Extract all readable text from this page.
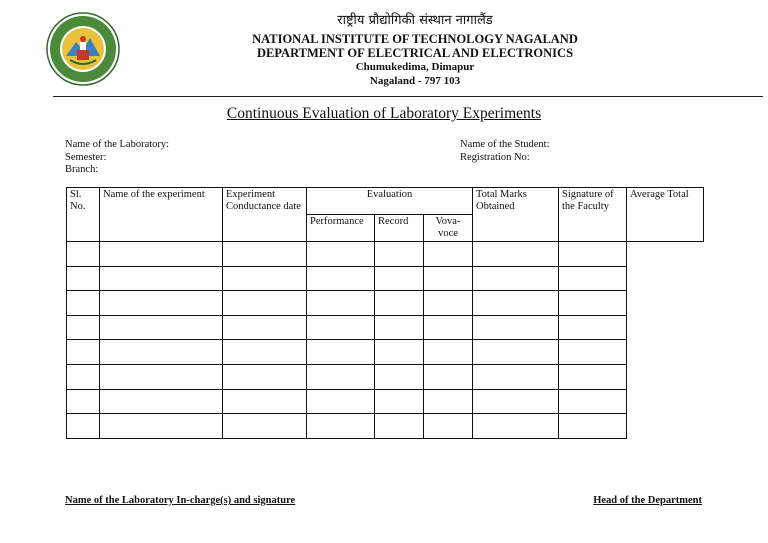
राष्ट्रीय प्रौद्योगिकी संस्थान नागालैंड
NATIONAL INSTITUTE OF TECHNOLOGY NAGALAND
DEPARTMENT OF ELECTRICAL AND ELECTRONICS
Chumukedima, Dimapur
Nagaland - 797 103
Continuous Evaluation of Laboratory Experiments
Name of the Laboratory:
Semester:
Branch:
Name of the Student:
Registration No:
Sl. No.	Name of the experiment	Experiment Conductance date	Evaluation			Total Marks Obtained	Signature of the Faculty	Average Total
			Performance	Record	Vova- voce			

Name of the Laboratory In-charge(s) and signature	Head of the Department
